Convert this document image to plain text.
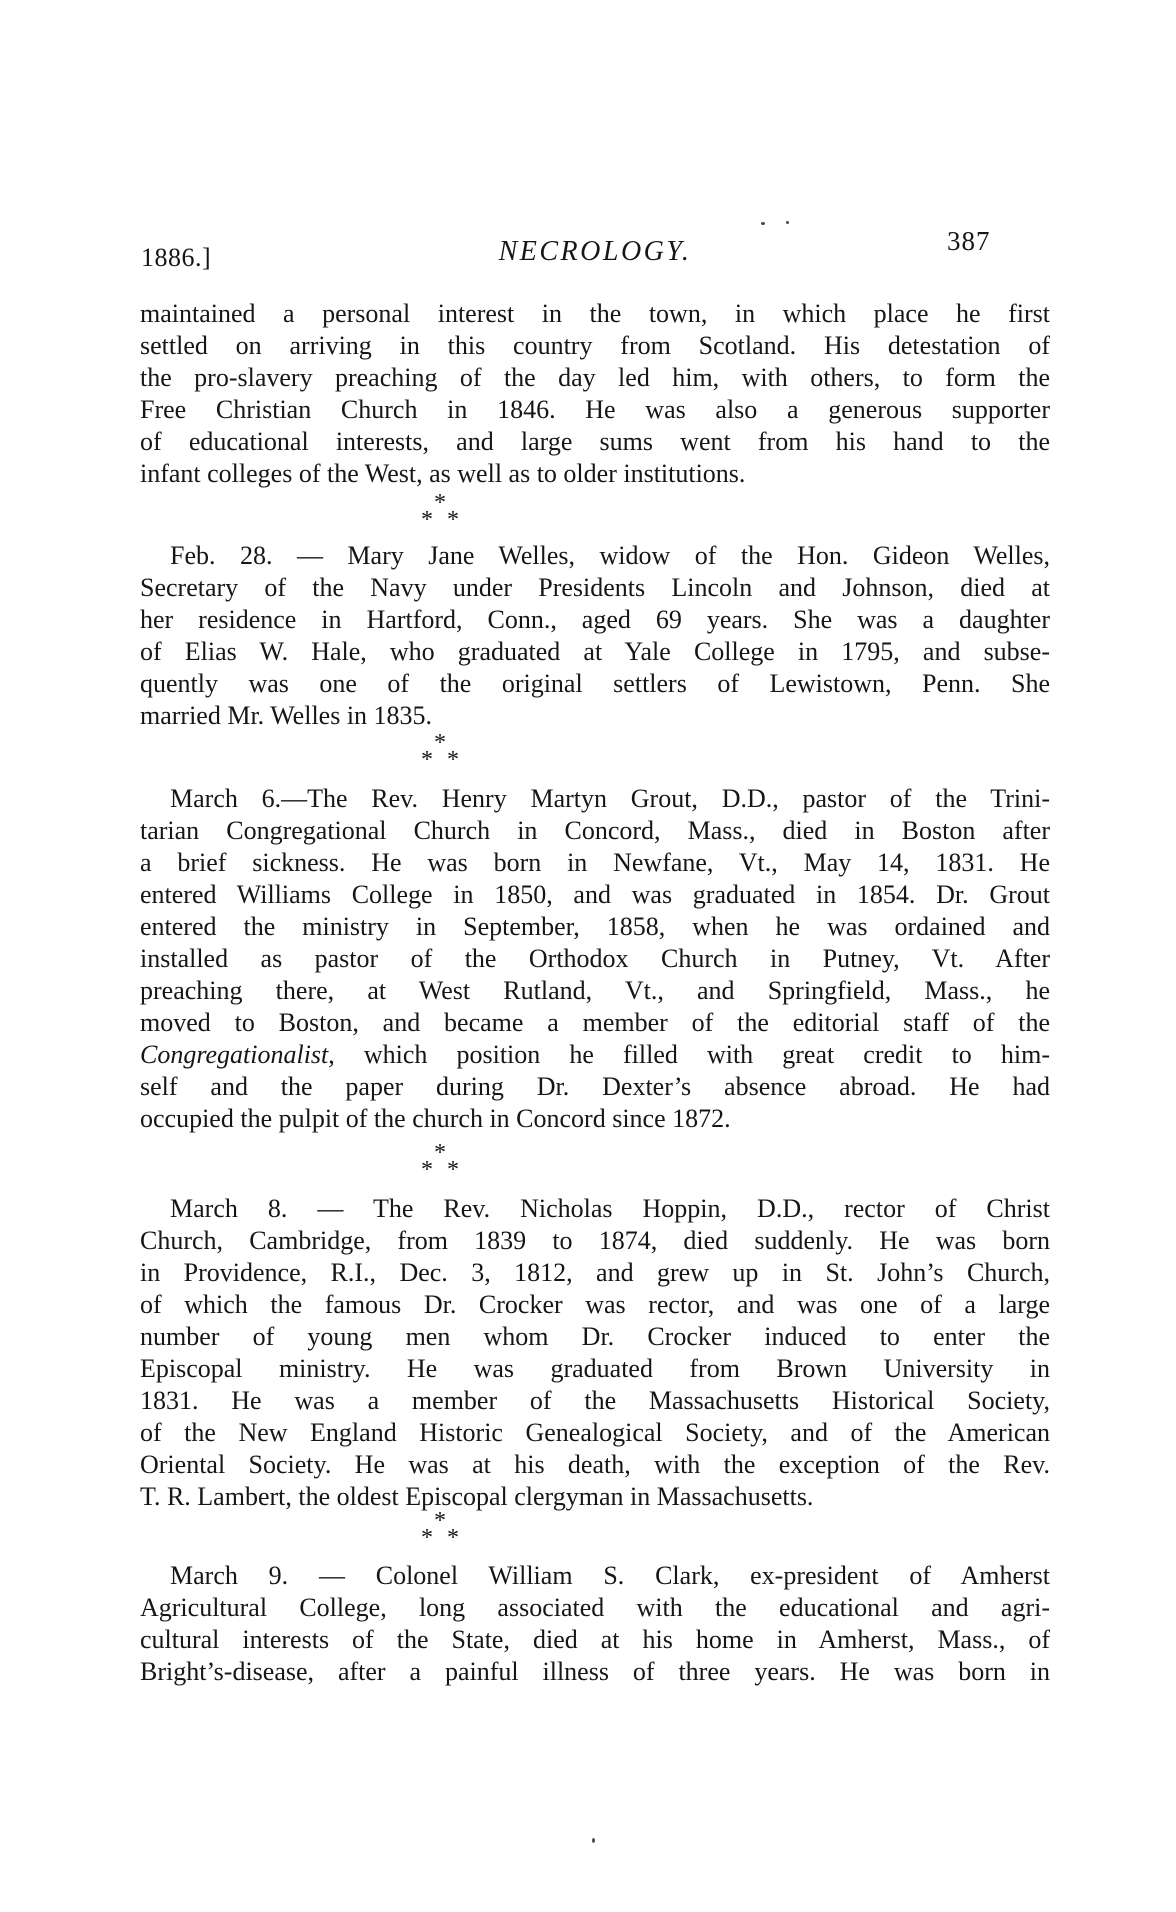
1886.]	NECROLOGY.	387
maintained a personal interest in the town, in which place he first
settled on arriving in this country from Scotland. His detestation of
the pro-slavery preaching of the day led him, with others, to form the
Free Christian Church in 1846. He was also a generous supporter
of educational interests, and large sums went from his hand to the
infant colleges of the West, as well as to older institutions.
*
* *
Feb. 28. — Mary Jane Welles, widow of the Hon. Gideon Welles,
Secretary of the Navy under Presidents Lincoln and Johnson, died at
her residence in Hartford, Conn., aged 69 years. She was a daughter
of Elias W. Hale, who graduated at Yale College in 1795, and subse-
quently was one of the original settlers of Lewistown, Penn. She
married Mr. Welles in 1835.
*
* *
March 6.—The Rev. Henry Martyn Grout, D.D., pastor of the Trini-
tarian Congregational Church in Concord, Mass., died in Boston after
a brief sickness. He was born in Newfane, Vt., May 14, 1831. He
entered Williams College in 1850, and was graduated in 1854. Dr. Grout
entered the ministry in September, 1858, when he was ordained and
installed as pastor of the Orthodox Church in Putney, Vt. After
preaching there, at West Rutland, Vt., and Springfield, Mass., he
moved to Boston, and became a member of the editorial staff of the
Congregationalist, which position he filled with great credit to him-
self and the paper during Dr. Dexter’s absence abroad. He had
occupied the pulpit of the church in Concord since 1872.
*
* *
March 8. — The Rev. Nicholas Hoppin, D.D., rector of Christ
Church, Cambridge, from 1839 to 1874, died suddenly. He was born
in Providence, R.I., Dec. 3, 1812, and grew up in St. John’s Church,
of which the famous Dr. Crocker was rector, and was one of a large
number of young men whom Dr. Crocker induced to enter the
Episcopal ministry. He was graduated from Brown University in
1831. He was a member of the Massachusetts Historical Society,
of the New England Historic Genealogical Society, and of the American
Oriental Society. He was at his death, with the exception of the Rev.
T. R. Lambert, the oldest Episcopal clergyman in Massachusetts.
*
* *
March 9. — Colonel William S. Clark, ex-president of Amherst
Agricultural College, long associated with the educational and agri-
cultural interests of the State, died at his home in Amherst, Mass., of
Bright’s-disease, after a painful illness of three years. He was born in
